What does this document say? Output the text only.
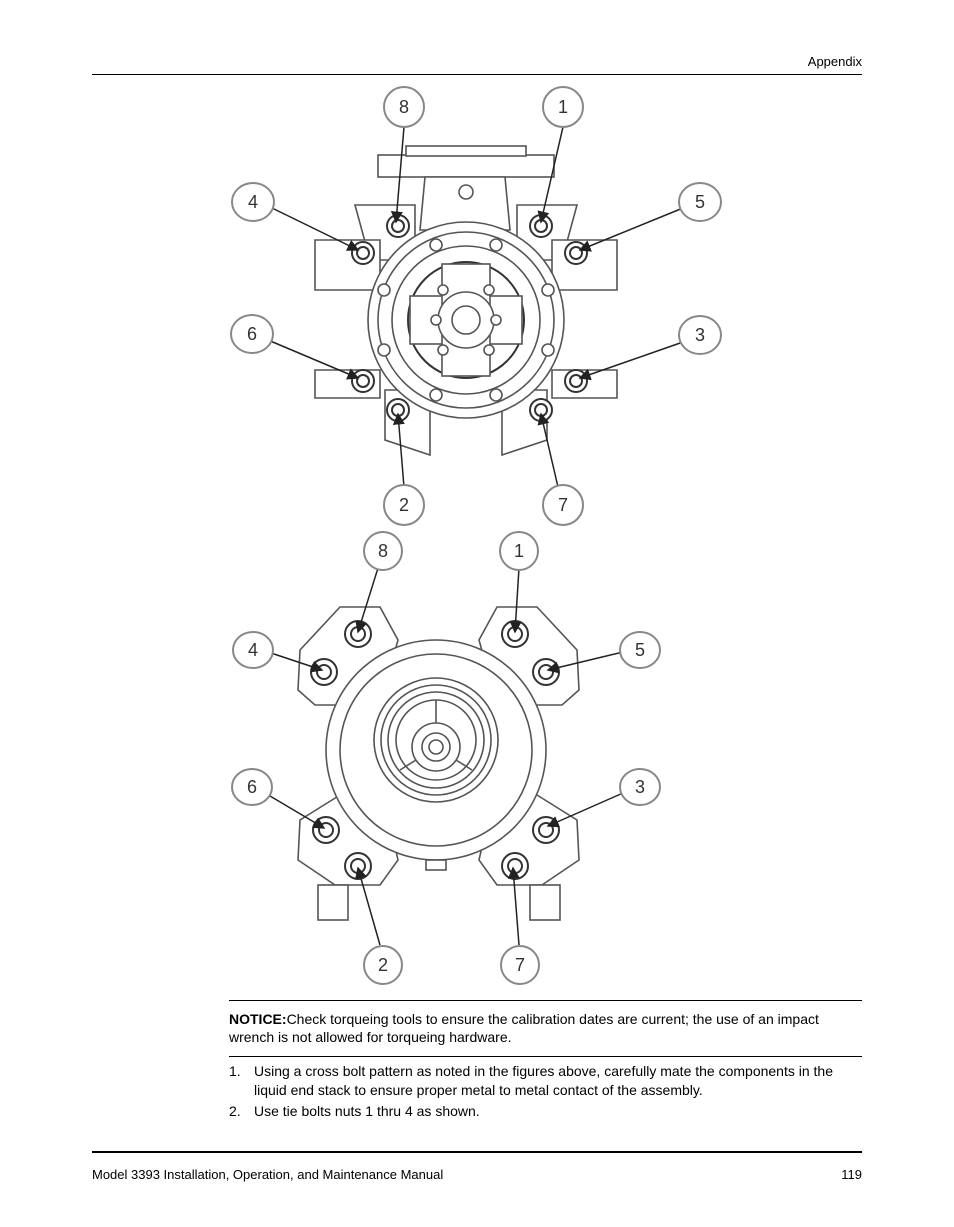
Appendix
8	1
4	5
6	3
2	7
8	1
4	5
6	3
2	7
NOTICE:Check torqueing tools to ensure the calibration dates are current; the use of an impact wrench is not allowed for torqueing hardware.
1. Using a cross bolt pattern as noted in the figures above, carefully mate the components in the liquid end stack to ensure proper metal to metal contact of the assembly.
2. Use tie bolts nuts 1 thru 4 as shown.
Model 3393 Installation, Operation, and Maintenance Manual	119
